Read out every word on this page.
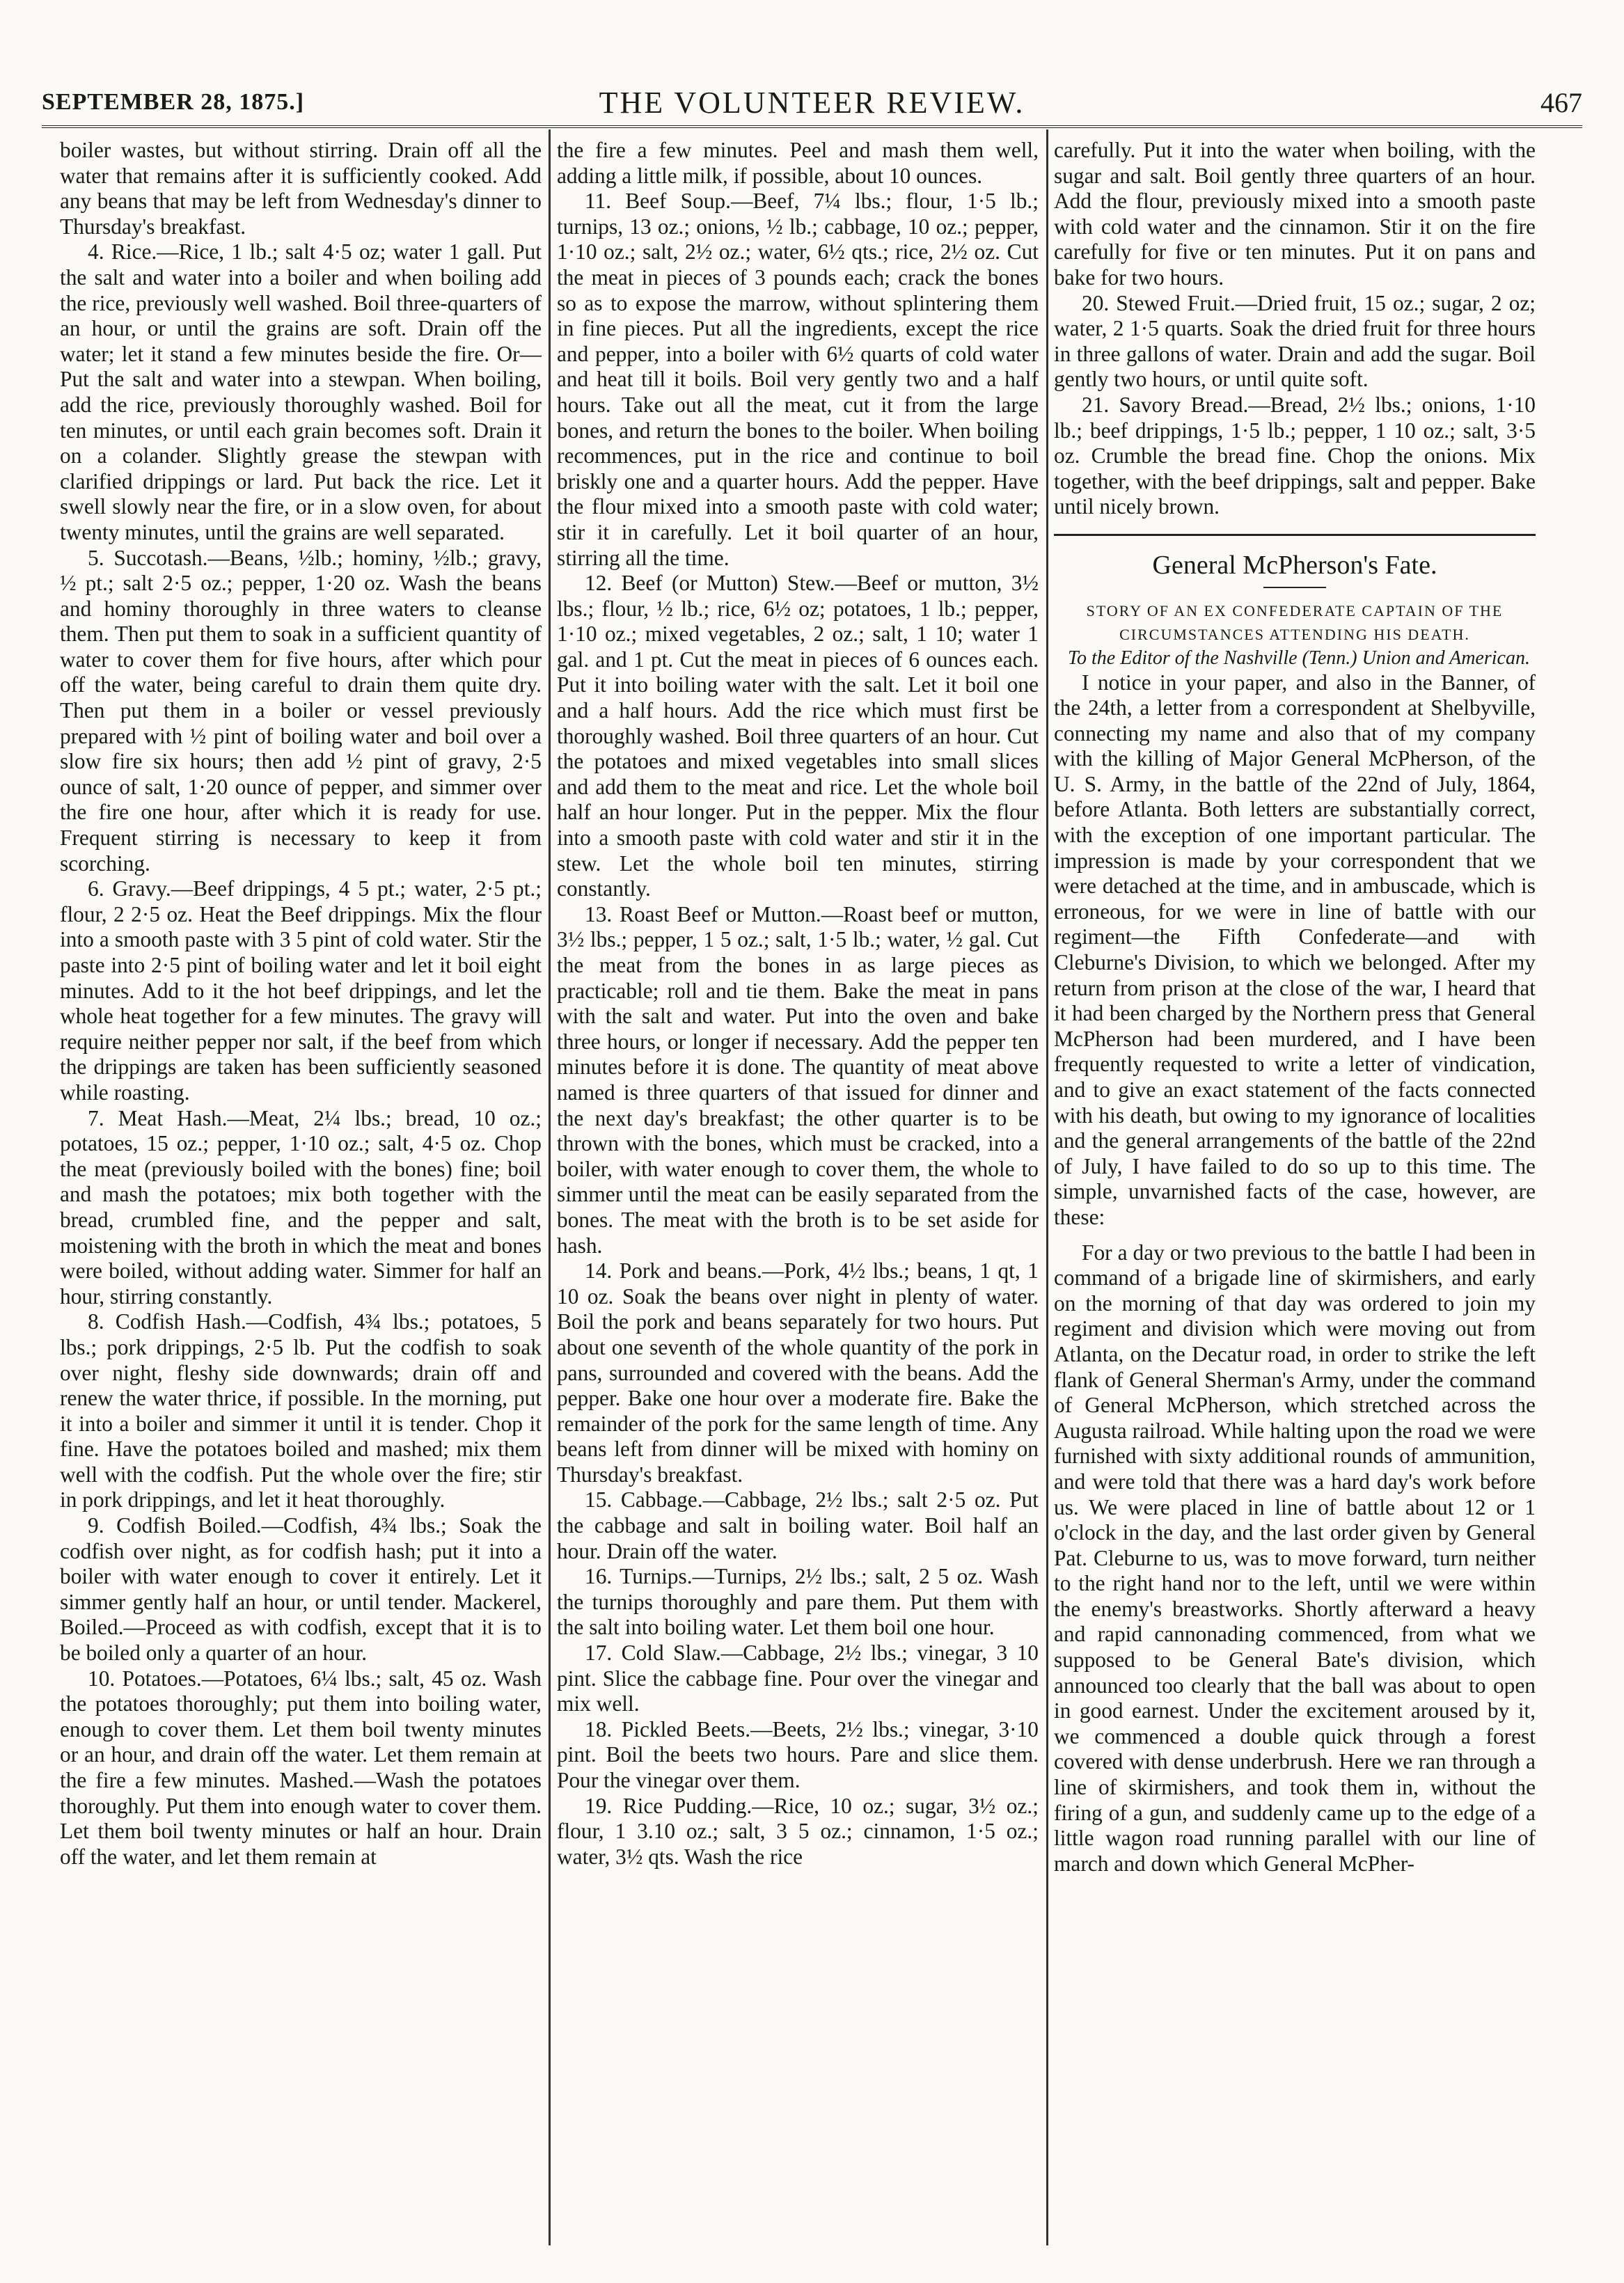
SEPTEMBER 28, 1875.]	THE VOLUNTEER REVIEW.	467

boiler wastes, but without stirring. Drain off all the water that remains after it is sufficiently cooked. Add any beans that may be left from Wednesday's dinner to Thursday's breakfast.

4. Rice.—Rice, 1 lb.; salt 4·5 oz; water 1 gall. Put the salt and water into a boiler and when boiling add the rice, previously well washed. Boil three-quarters of an hour, or until the grains are soft. Drain off the water; let it stand a few minutes beside the fire. Or—Put the salt and water into a stewpan. When boiling, add the rice, previously thoroughly washed. Boil for ten minutes, or until each grain becomes soft. Drain it on a colander. Slightly grease the stewpan with clarified drippings or lard. Put back the rice. Let it swell slowly near the fire, or in a slow oven, for about twenty minutes, until the grains are well separated.

5. Succotash.—Beans, ½lb.; hominy, ½lb.; gravy, ½ pt.; salt 2·5 oz.; pepper, 1·20 oz. Wash the beans and hominy thoroughly in three waters to cleanse them. Then put them to soak in a sufficient quantity of water to cover them for five hours, after which pour off the water, being careful to drain them quite dry. Then put them in a boiler or vessel previously prepared with ½ pint of boiling water and boil over a slow fire six hours; then add ½ pint of gravy, 2·5 ounce of salt, 1·20 ounce of pepper, and simmer over the fire one hour, after which it is ready for use. Frequent stirring is necessary to keep it from scorching.

6. Gravy.—Beef drippings, 4 5 pt.; water, 2·5 pt.; flour, 2 2·5 oz. Heat the Beef drippings. Mix the flour into a smooth paste with 3 5 pint of cold water. Stir the paste into 2·5 pint of boiling water and let it boil eight minutes. Add to it the hot beef drippings, and let the whole heat together for a few minutes. The gravy will require neither pepper nor salt, if the beef from which the drippings are taken has been sufficiently seasoned while roasting.

7. Meat Hash.—Meat, 2¼ lbs.; bread, 10 oz.; potatoes, 15 oz.; pepper, 1·10 oz.; salt, 4·5 oz. Chop the meat (previously boiled with the bones) fine; boil and mash the potatoes; mix both together with the bread, crumbled fine, and the pepper and salt, moistening with the broth in which the meat and bones were boiled, without adding water. Simmer for half an hour, stirring constantly.

8. Codfish Hash.—Codfish, 4¾ lbs.; potatoes, 5 lbs.; pork drippings, 2·5 lb. Put the codfish to soak over night, fleshy side downwards; drain off and renew the water thrice, if possible. In the morning, put it into a boiler and simmer it until it is tender. Chop it fine. Have the potatoes boiled and mashed; mix them well with the codfish. Put the whole over the fire; stir in pork drippings, and let it heat thoroughly.

9. Codfish Boiled.—Codfish, 4¾ lbs.; Soak the codfish over night, as for codfish hash; put it into a boiler with water enough to cover it entirely. Let it simmer gently half an hour, or until tender. Mackerel, Boiled.—Proceed as with codfish, except that it is to be boiled only a quarter of an hour.

10. Potatoes.—Potatoes, 6¼ lbs.; salt, 45 oz. Wash the potatoes thoroughly; put them into boiling water, enough to cover them. Let them boil twenty minutes or an hour, and drain off the water. Let them remain at the fire a few minutes. Mashed.—Wash the potatoes thoroughly. Put them into enough water to cover them. Let them boil twenty minutes or half an hour. Drain off the water, and let them remain at

the fire a few minutes. Peel and mash them well, adding a little milk, if possible, about 10 ounces.

11. Beef Soup.—Beef, 7¼ lbs.; flour, 1·5 lb.; turnips, 13 oz.; onions, ½ lb.; cabbage, 10 oz.; pepper, 1·10 oz.; salt, 2½ oz.; water, 6½ qts.; rice, 2½ oz. Cut the meat in pieces of 3 pounds each; crack the bones so as to expose the marrow, without splintering them in fine pieces. Put all the ingredients, except the rice and pepper, into a boiler with 6½ quarts of cold water and heat till it boils. Boil very gently two and a half hours. Take out all the meat, cut it from the large bones, and return the bones to the boiler. When boiling recommences, put in the rice and continue to boil briskly one and a quarter hours. Add the pepper. Have the flour mixed into a smooth paste with cold water; stir it in carefully. Let it boil quarter of an hour, stirring all the time.

12. Beef (or Mutton) Stew.—Beef or mutton, 3½ lbs.; flour, ½ lb.; rice, 6½ oz; potatoes, 1 lb.; pepper, 1·10 oz.; mixed vegetables, 2 oz.; salt, 1 10; water 1 gal. and 1 pt. Cut the meat in pieces of 6 ounces each. Put it into boiling water with the salt. Let it boil one and a half hours. Add the rice which must first be thoroughly washed. Boil three quarters of an hour. Cut the potatoes and mixed vegetables into small slices and add them to the meat and rice. Let the whole boil half an hour longer. Put in the pepper. Mix the flour into a smooth paste with cold water and stir it in the stew. Let the whole boil ten minutes, stirring constantly.

13. Roast Beef or Mutton.—Roast beef or mutton, 3½ lbs.; pepper, 1 5 oz.; salt, 1·5 lb.; water, ½ gal. Cut the meat from the bones in as large pieces as practicable; roll and tie them. Bake the meat in pans with the salt and water. Put into the oven and bake three hours, or longer if necessary. Add the pepper ten minutes before it is done. The quantity of meat above named is three quarters of that issued for dinner and the next day's breakfast; the other quarter is to be thrown with the bones, which must be cracked, into a boiler, with water enough to cover them, the whole to simmer until the meat can be easily separated from the bones. The meat with the broth is to be set aside for hash.

14. Pork and beans.—Pork, 4½ lbs.; beans, 1 qt, 1 10 oz. Soak the beans over night in plenty of water. Boil the pork and beans separately for two hours. Put about one seventh of the whole quantity of the pork in pans, surrounded and covered with the beans. Add the pepper. Bake one hour over a moderate fire. Bake the remainder of the pork for the same length of time. Any beans left from dinner will be mixed with hominy on Thursday's breakfast.

15. Cabbage.—Cabbage, 2½ lbs.; salt 2·5 oz. Put the cabbage and salt in boiling water. Boil half an hour. Drain off the water.

16. Turnips.—Turnips, 2½ lbs.; salt, 2 5 oz. Wash the turnips thoroughly and pare them. Put them with the salt into boiling water. Let them boil one hour.

17. Cold Slaw.—Cabbage, 2½ lbs.; vinegar, 3 10 pint. Slice the cabbage fine. Pour over the vinegar and mix well.

18. Pickled Beets.—Beets, 2½ lbs.; vinegar, 3·10 pint. Boil the beets two hours. Pare and slice them. Pour the vinegar over them.

19. Rice Pudding.—Rice, 10 oz.; sugar, 3½ oz.; flour, 1 3.10 oz.; salt, 3 5 oz.; cinnamon, 1·5 oz.; water, 3½ qts. Wash the rice

carefully. Put it into the water when boiling, with the sugar and salt. Boil gently three quarters of an hour. Add the flour, previously mixed into a smooth paste with cold water and the cinnamon. Stir it on the fire carefully for five or ten minutes. Put it on pans and bake for two hours.

20. Stewed Fruit.—Dried fruit, 15 oz.; sugar, 2 oz; water, 2 1·5 quarts. Soak the dried fruit for three hours in three gallons of water. Drain and add the sugar. Boil gently two hours, or until quite soft.

21. Savory Bread.—Bread, 2½ lbs.; onions, 1·10 lb.; beef drippings, 1·5 lb.; pepper, 1 10 oz.; salt, 3·5 oz. Crumble the bread fine. Chop the onions. Mix together, with the beef drippings, salt and pepper. Bake until nicely brown.

General McPherson's Fate.

STORY OF AN EX CONFEDERATE CAPTAIN OF THE CIRCUMSTANCES ATTENDING HIS DEATH.

To the Editor of the Nashville (Tenn.) Union and American.

I notice in your paper, and also in the Banner, of the 24th, a letter from a correspondent at Shelbyville, connecting my name and also that of my company with the killing of Major General McPherson, of the U. S. Army, in the battle of the 22nd of July, 1864, before Atlanta. Both letters are substantially correct, with the exception of one important particular. The impression is made by your correspondent that we were detached at the time, and in ambuscade, which is erroneous, for we were in line of battle with our regiment—the Fifth Confederate—and with Cleburne's Division, to which we belonged. After my return from prison at the close of the war, I heard that it had been charged by the Northern press that General McPherson had been murdered, and I have been frequently requested to write a letter of vindication, and to give an exact statement of the facts connected with his death, but owing to my ignorance of localities and the general arrangements of the battle of the 22nd of July, I have failed to do so up to this time. The simple, unvarnished facts of the case, however, are these:

For a day or two previous to the battle I had been in command of a brigade line of skirmishers, and early on the morning of that day was ordered to join my regiment and division which were moving out from Atlanta, on the Decatur road, in order to strike the left flank of General Sherman's Army, under the command of General McPherson, which stretched across the Augusta railroad. While halting upon the road we were furnished with sixty additional rounds of ammunition, and were told that there was a hard day's work before us. We were placed in line of battle about 12 or 1 o'clock in the day, and the last order given by General Pat. Cleburne to us, was to move forward, turn neither to the right hand nor to the left, until we were within the enemy's breastworks. Shortly afterward a heavy and rapid cannonading commenced, from what we supposed to be General Bate's division, which announced too clearly that the ball was about to open in good earnest. Under the excitement aroused by it, we commenced a double quick through a forest covered with dense underbrush. Here we ran through a line of skirmishers, and took them in, without the firing of a gun, and suddenly came up to the edge of a little wagon road running parallel with our line of march and down which General McPher-
